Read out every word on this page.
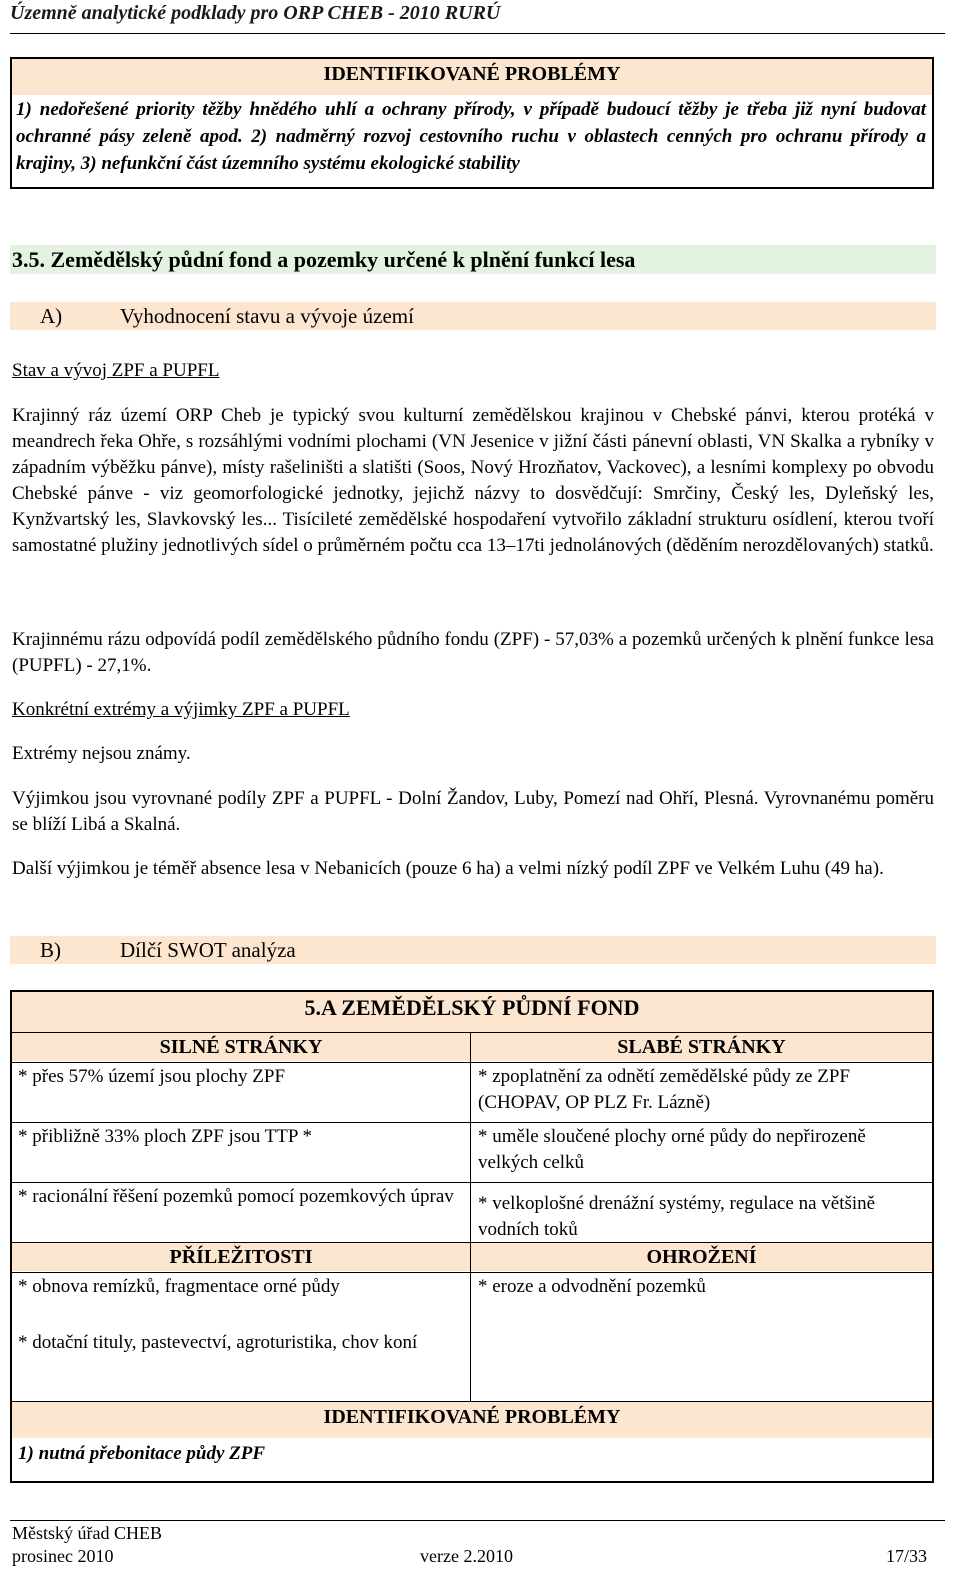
Územně analytické podklady pro ORP CHEB - 2010 RURÚ
IDENTIFIKOVANÉ PROBLÉMY
1) nedořešené priority těžby hnědého uhlí a ochrany přírody, v případě budoucí těžby je třeba již nyní budovat ochranné pásy zeleně apod. 2) nadměrný rozvoj cestovního ruchu v oblastech cenných pro ochranu přírody a krajiny, 3) nefunkční část územního systému ekologické stability
3.5. Zemědělský půdní fond a pozemky určené k plnění funkcí lesa
A)	Vyhodnocení stavu a vývoje území
Stav a vývoj ZPF a PUPFL
Krajinný ráz území ORP Cheb je typický svou kulturní zemědělskou krajinou v Chebské pánvi, kterou protéká v meandrech řeka Ohře, s rozsáhlými vodními plochami (VN Jesenice v jižní části pánevní oblasti, VN Skalka a rybníky v západním výběžku pánve), místy rašeliništi a slatišti (Soos, Nový Hrozňatov, Vackovec), a lesními komplexy po obvodu Chebské pánve - viz geomorfologické jednotky, jejichž názvy to dosvědčují: Smrčiny, Český les, Dyleňský les, Kynžvartský les, Slavkovský les... Tisícileté zemědělské hospodaření vytvořilo základní strukturu osídlení, kterou tvoří samostatné plužiny jednotlivých sídel o průměrném počtu cca 13–17ti jednolánových (děděním nerozdělovaných) statků.
Krajinnému rázu odpovídá podíl zemědělského půdního fondu (ZPF) - 57,03% a pozemků určených k plnění funkce lesa (PUPFL) - 27,1%.
Konkrétní extrémy a výjimky ZPF a PUPFL
Extrémy nejsou známy.
Výjimkou jsou vyrovnané podíly ZPF a PUPFL - Dolní Žandov, Luby, Pomezí nad Ohří, Plesná. Vyrovnanému poměru se blíží Libá a Skalná.
Další výjimkou je téměř absence lesa v Nebanicích (pouze 6 ha) a velmi nízký podíl ZPF ve Velkém Luhu (49 ha).
B)	Dílčí SWOT analýza
5.A ZEMĚDĚLSKÝ PŮDNÍ FOND
SILNÉ STRÁNKY	SLABÉ STRÁNKY
* přes 57% území jsou plochy ZPF	* zpoplatnění za odnětí zemědělské půdy ze ZPF (CHOPAV, OP PLZ Fr. Lázně)
* přibližně 33% ploch ZPF jsou TTP *	* uměle sloučené plochy orné půdy do nepřirozeně velkých celků
* racionální řěšení pozemků pomocí pozemkových úprav	* velkoplošné drenážní systémy, regulace na většině vodních toků
PŘÍLEŽITOSTI	OHROŽENÍ
* obnova remízků, fragmentace orné půdy	* eroze a odvodnění pozemků
* dotační tituly, pastevectví, agroturistika, chov koní
IDENTIFIKOVANÉ PROBLÉMY
1) nutná přebonitace půdy ZPF
Městský úřad CHEB
prosinec 2010	verze 2.2010	17/33
